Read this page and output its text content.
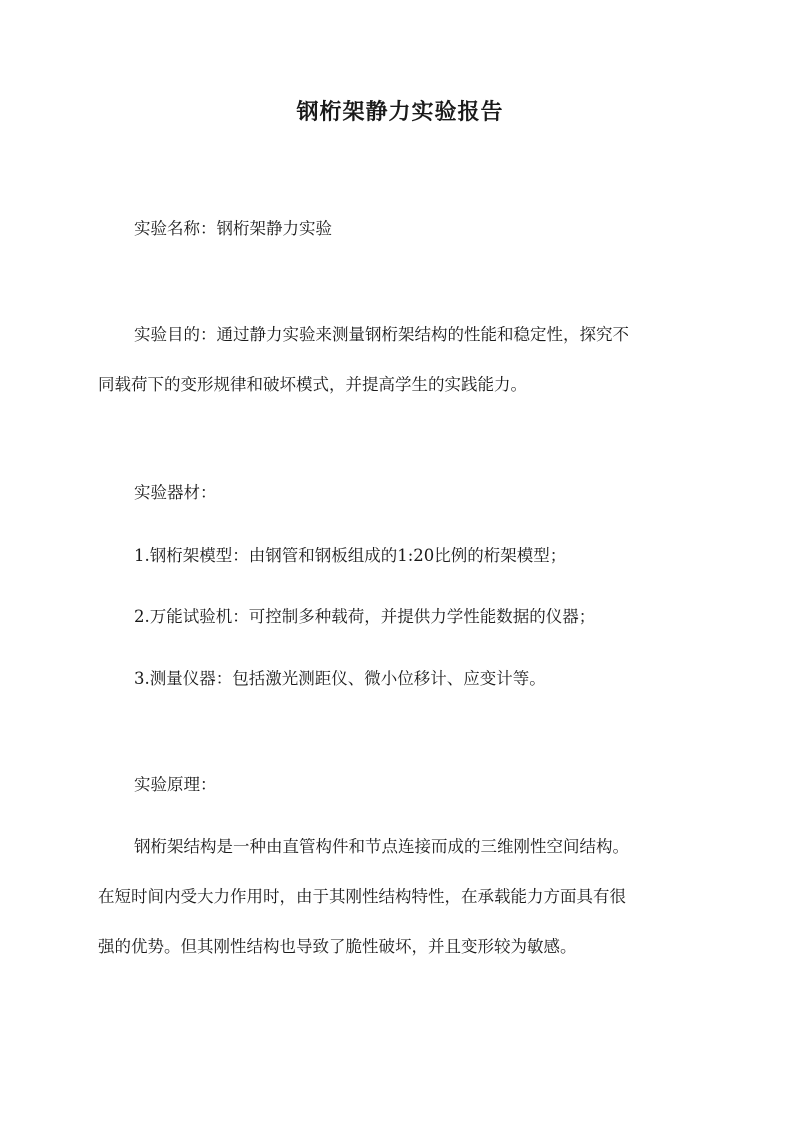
钢桁架静力实验报告
实验名称：钢桁架静力实验
实验目的：通过静力实验来测量钢桁架结构的性能和稳定性，探究不
同载荷下的变形规律和破坏模式，并提高学生的实践能力。
实验器材：
1.钢桁架模型：由钢管和钢板组成的1:20比例的桁架模型；
2.万能试验机：可控制多种载荷，并提供力学性能数据的仪器；
3.测量仪器：包括激光测距仪、微小位移计、应变计等。
实验原理：
钢桁架结构是一种由直管构件和节点连接而成的三维刚性空间结构。
在短时间内受大力作用时，由于其刚性结构特性，在承载能力方面具有很
强的优势。但其刚性结构也导致了脆性破坏，并且变形较为敏感。
